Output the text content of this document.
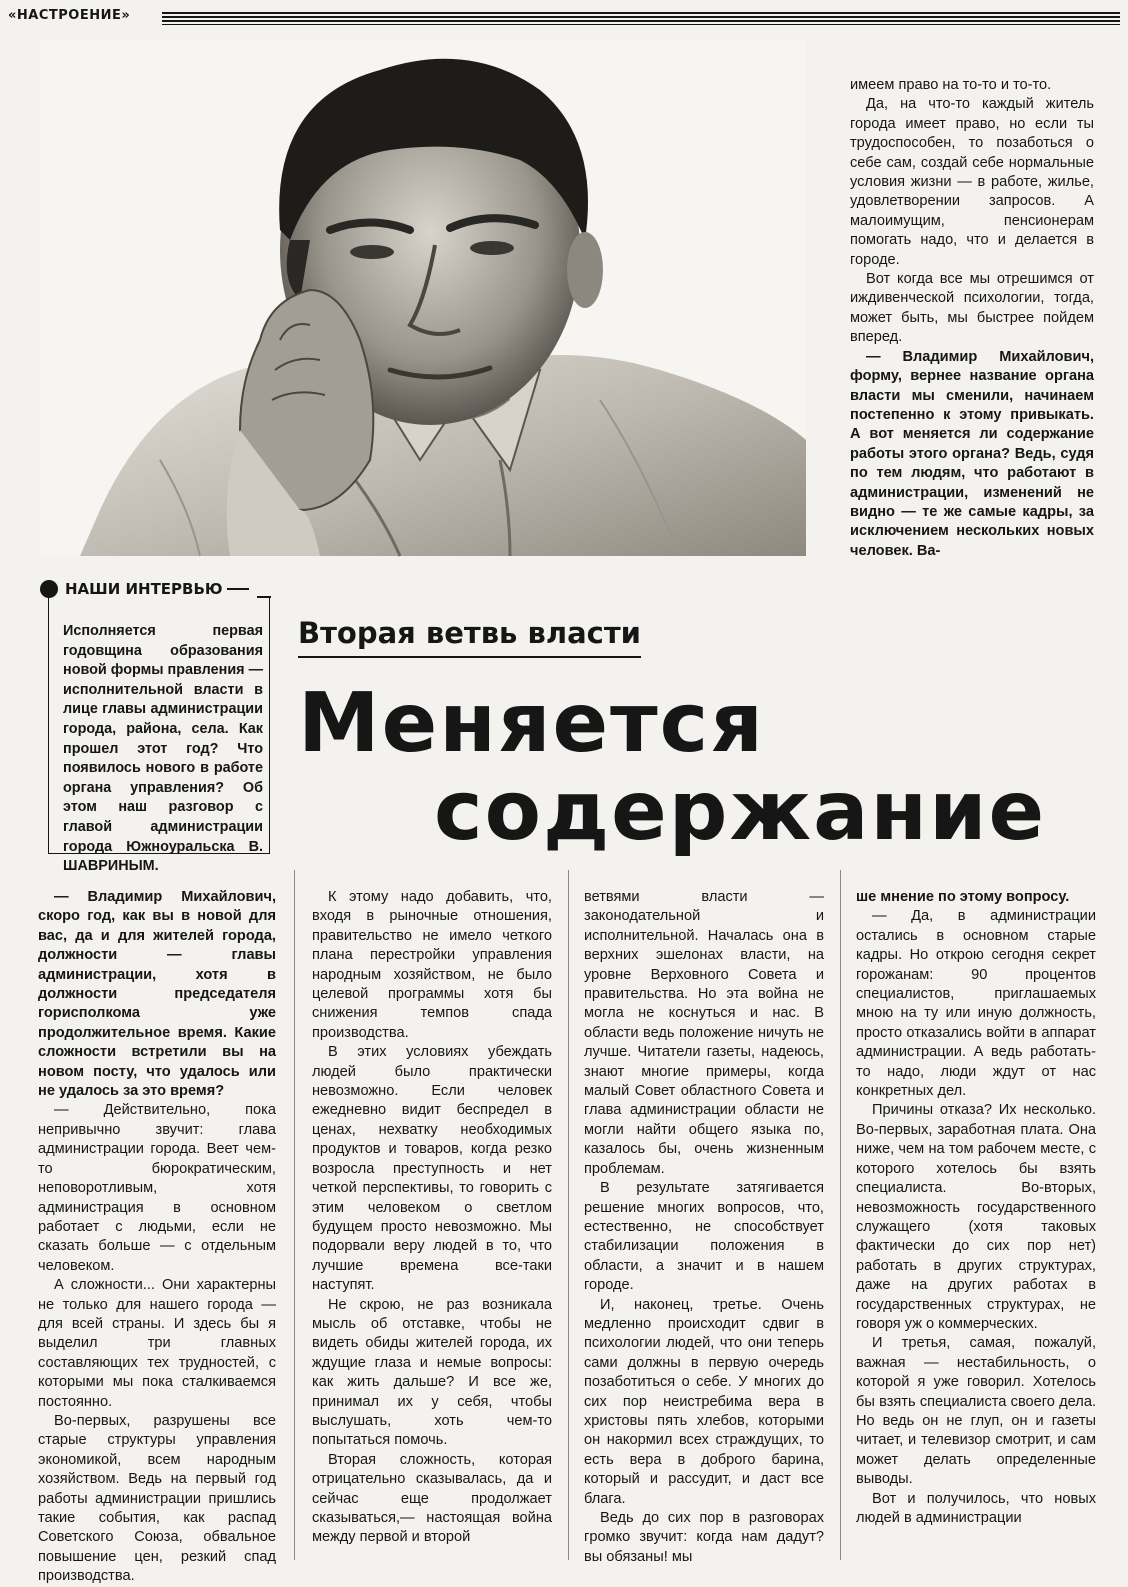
«НАСТРОЕНИЕ»

имеем право на то-то и то-то.

Да, на что-то каждый житель города имеет право, но если ты трудоспособен, то позаботься о себе сам, создай себе нормальные условия жизни — в работе, жилье, удовлетворении запросов. А малоимущим, пенсионерам помогать надо, что и делается в городе.

Вот когда все мы отрешимся от иждивенческой психологии, тогда, может быть, мы быстрее пойдем вперед.

— Владимир Михайлович, форму, вернее название органа власти мы сменили, начинаем постепенно к этому привыкать. А вот меняется ли содержание работы этого органа? Ведь, судя по тем людям, что работают в администрации, изменений не видно — те же самые кадры, за исключением нескольких новых человек. Ва-

НАШИ ИНТЕРВЬЮ
Исполняется первая годовщина образования новой формы правления — исполнительной власти в лице главы администрации города, района, села. Как прошел этот год? Что появилось нового в работе органа управления? Об этом наш разговор с главой администрации города Южноуральска В. ШАВРИНЫМ.
Вторая ветвь власти
Меняется
содержание

— Владимир Михайлович, скоро год, как вы в новой для вас, да и для жителей города, должности — главы администрации, хотя в должности председателя горисполкома уже продолжительное время. Какие сложности встретили вы на новом посту, что удалось или не удалось за это время?

— Действительно, пока непривычно звучит: глава администрации города. Веет чем-то бюрократическим, неповоротливым, хотя администрация в основном работает с людьми, если не сказать больше — с отдельным человеком.

А сложности... Они характерны не только для нашего города — для всей страны. И здесь бы я выделил три главных составляющих тех трудностей, с которыми мы пока сталкиваемся постоянно.

Во-первых, разрушены все старые структуры управления экономикой, всем народным хозяйством. Ведь на первый год работы администрации пришлись такие события, как распад Советского Союза, обвальное повышение цен, резкий спад производства.

К этому надо добавить, что, входя в рыночные отношения, правительство не имело четкого плана перестройки управления народным хозяйством, не было целевой программы хотя бы снижения темпов спада производства.

В этих условиях убеждать людей было практически невозможно. Если человек ежедневно видит беспредел в ценах, нехватку необходимых продуктов и товаров, когда резко возросла преступность и нет четкой перспективы, то говорить с этим человеком о светлом будущем просто невозможно. Мы подорвали веру людей в то, что лучшие времена все-таки наступят.

Не скрою, не раз возникала мысль об отставке, чтобы не видеть обиды жителей города, их ждущие глаза и немые вопросы: как жить дальше? И все же, принимал их у себя, чтобы выслушать, хоть чем-то попытаться помочь.

Вторая сложность, которая отрицательно сказывалась, да и сейчас еще продолжает сказываться,— настоящая война между первой и второй

ветвями власти — законодательной и исполнительной. Началась она в верхних эшелонах власти, на уровне Верховного Совета и правительства. Но эта война не могла не коснуться и нас. В области ведь положение ничуть не лучше. Читатели газеты, надеюсь, знают многие примеры, когда малый Совет областного Совета и глава администрации области не могли найти общего языка по, казалось бы, очень жизненным проблемам.

В результате затягивается решение многих вопросов, что, естественно, не способствует стабилизации положения в области, а значит и в нашем городе.

И, наконец, третье. Очень медленно происходит сдвиг в психологии людей, что они теперь сами должны в первую очередь позаботиться о себе. У многих до сих пор неистребима вера в христовы пять хлебов, которыми он накормил всех страждущих, то есть вера в доброго барина, который и рассудит, и даст все блага.

Ведь до сих пор в разговорах громко звучит: когда нам дадут? вы обязаны! мы

ше мнение по этому вопросу.

— Да, в администрации остались в основном старые кадры. Но открою сегодня секрет горожанам: 90 процентов специалистов, приглашаемых мною на ту или иную должность, просто отказались войти в аппарат администрации. А ведь работать-то надо, люди ждут от нас конкретных дел.

Причины отказа? Их несколько. Во-первых, заработная плата. Она ниже, чем на том рабочем месте, с которого хотелось бы взять специалиста. Во-вторых, невозможность государственного служащего (хотя таковых фактически до сих пор нет) работать в других структурах, даже на других работах в государственных структурах, не говоря уж о коммерческих.

И третья, самая, пожалуй, важная — нестабильность, о которой я уже говорил. Хотелось бы взять специалиста своего дела. Но ведь он не глуп, он и газеты читает, и телевизор смотрит, и сам может делать определенные выводы.

Вот и получилось, что новых людей в администрации
